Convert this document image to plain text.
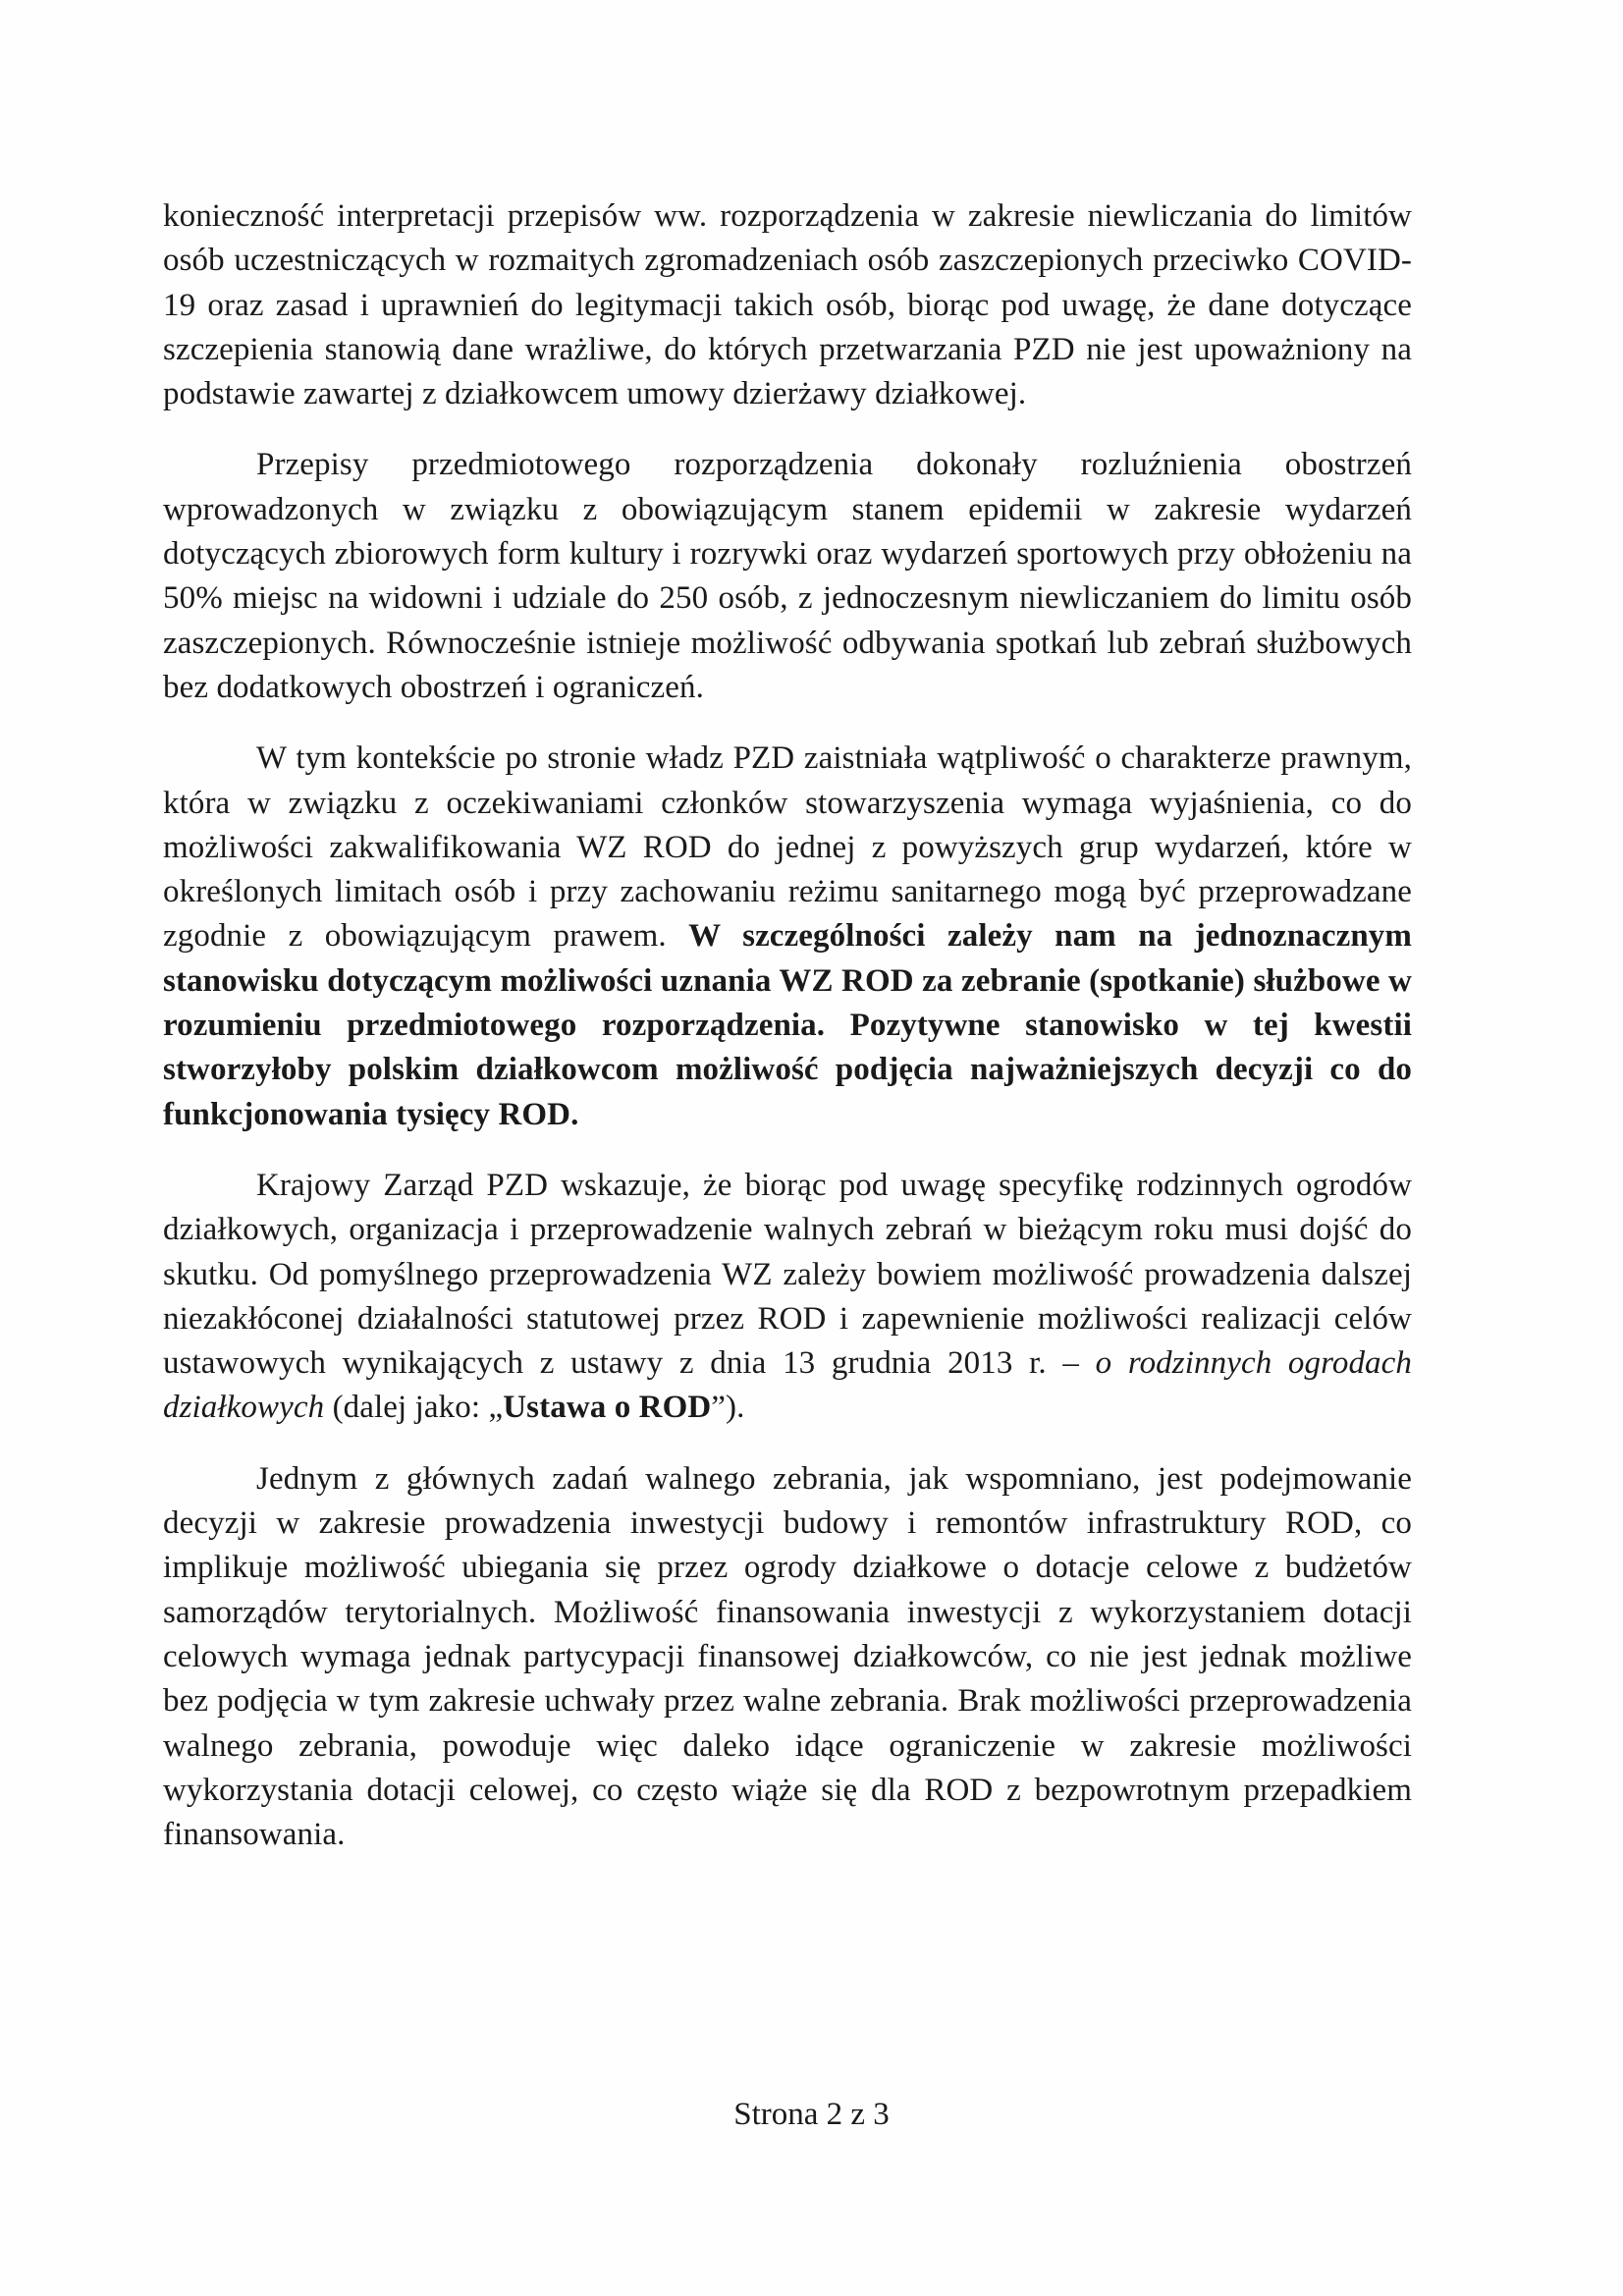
konieczność interpretacji przepisów ww. rozporządzenia w zakresie niewliczania do limitów osób uczestniczących w rozmaitych zgromadzeniach osób zaszczepionych przeciwko COVID-19 oraz zasad i uprawnień do legitymacji takich osób, biorąc pod uwagę, że dane dotyczące szczepienia stanowią dane wrażliwe, do których przetwarzania PZD nie jest upoważniony na podstawie zawartej z działkowcem umowy dzierżawy działkowej.

Przepisy przedmiotowego rozporządzenia dokonały rozluźnienia obostrzeń wprowadzonych w związku z obowiązującym stanem epidemii w zakresie wydarzeń dotyczących zbiorowych form kultury i rozrywki oraz wydarzeń sportowych przy obłożeniu na 50% miejsc na widowni i udziale do 250 osób, z jednoczesnym niewliczaniem do limitu osób zaszczepionych. Równocześnie istnieje możliwość odbywania spotkań lub zebrań służbowych bez dodatkowych obostrzeń i ograniczeń.

W tym kontekście po stronie władz PZD zaistniała wątpliwość o charakterze prawnym, która w związku z oczekiwaniami członków stowarzyszenia wymaga wyjaśnienia, co do możliwości zakwalifikowania WZ ROD do jednej z powyższych grup wydarzeń, które w określonych limitach osób i przy zachowaniu reżimu sanitarnego mogą być przeprowadzane zgodnie z obowiązującym prawem. W szczególności zależy nam na jednoznacznym stanowisku dotyczącym możliwości uznania WZ ROD za zebranie (spotkanie) służbowe w rozumieniu przedmiotowego rozporządzenia. Pozytywne stanowisko w tej kwestii stworzyłoby polskim działkowcom możliwość podjęcia najważniejszych decyzji co do funkcjonowania tysięcy ROD.

Krajowy Zarząd PZD wskazuje, że biorąc pod uwagę specyfikę rodzinnych ogrodów działkowych, organizacja i przeprowadzenie walnych zebrań w bieżącym roku musi dojść do skutku. Od pomyślnego przeprowadzenia WZ zależy bowiem możliwość prowadzenia dalszej niezakłóconej działalności statutowej przez ROD i zapewnienie możliwości realizacji celów ustawowych wynikających z ustawy z dnia 13 grudnia 2013 r. – o rodzinnych ogrodach działkowych (dalej jako: „Ustawa o ROD”).

Jednym z głównych zadań walnego zebrania, jak wspomniano, jest podejmowanie decyzji w zakresie prowadzenia inwestycji budowy i remontów infrastruktury ROD, co implikuje możliwość ubiegania się przez ogrody działkowe o dotacje celowe z budżetów samorządów terytorialnych. Możliwość finansowania inwestycji z wykorzystaniem dotacji celowych wymaga jednak partycypacji finansowej działkowców, co nie jest jednak możliwe bez podjęcia w tym zakresie uchwały przez walne zebrania. Brak możliwości przeprowadzenia walnego zebrania, powoduje więc daleko idące ograniczenie w zakresie możliwości wykorzystania dotacji celowej, co często wiąże się dla ROD z bezpowrotnym przepadkiem finansowania.

Strona 2 z 3
